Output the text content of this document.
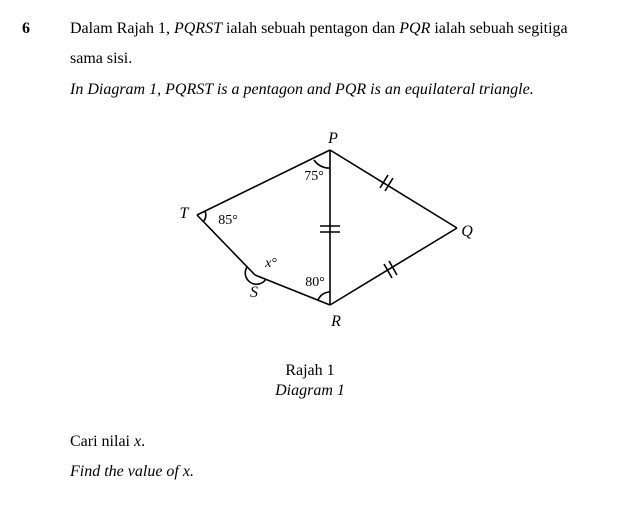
6	Dalam Rajah 1, PQRST ialah sebuah pentagon dan PQR ialah sebuah segitiga
sama sisi.
In Diagram 1, PQRST is a pentagon and PQR is an equilateral triangle.
P
Q
R
S
T
75°
85°
x°
80°
Rajah 1
Diagram 1
Cari nilai x.
Find the value of x.
